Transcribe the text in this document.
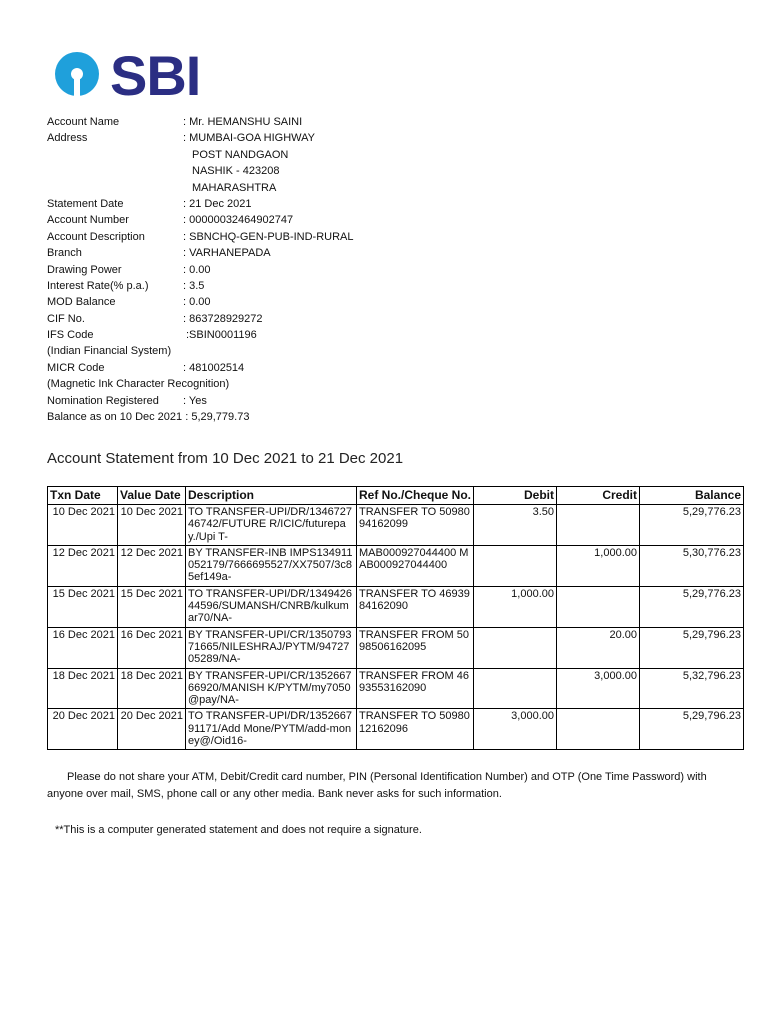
SBI
Account Name	: Mr. HEMANSHU SAINI
Address	: MUMBAI-GOA HIGHWAY
POST NANDGAON
NASHIK - 423208
MAHARASHTRA
Statement Date	: 21 Dec 2021
Account Number	: 00000032464902747
Account Description	: SBNCHQ-GEN-PUB-IND-RURAL
Branch	: VARHANEPADA
Drawing Power	: 0.00
Interest Rate(% p.a.)	: 3.5
MOD Balance	: 0.00
CIF No.	: 863728929272
IFS Code	:SBIN0001196
(Indian Financial System)
MICR Code	: 481002514
(Magnetic Ink Character Recognition)
Nomination Registered : Yes
Balance as on 10 Dec 2021 : 5,29,779.73
Account Statement from 10 Dec 2021 to 21 Dec 2021
Txn Date	Value Date	Description	Ref No./Cheque No.	Debit	Credit	Balance
10 Dec 2021	10 Dec 2021	TO TRANSFER-UPI/DR/134672746742/FUTURE R/ICIC/futurepay./Upi T-	TRANSFER TO 5098094162099	3.50		5,29,776.23
12 Dec 2021	12 Dec 2021	BY TRANSFER-INB IMPS134911052179/7666695527/XX7507/3c85ef149a-	MAB000927044400 MAB000927044400		1,000.00	5,30,776.23
15 Dec 2021	15 Dec 2021	TO TRANSFER-UPI/DR/134942644596/SUMANSH/CNRB/kulkumar70/NA-	TRANSFER TO 4693984162090	1,000.00		5,29,776.23
16 Dec 2021	16 Dec 2021	BY TRANSFER-UPI/CR/135079371665/NILESHRAJ/PYTM/9472705289/NA-	TRANSFER FROM 5098506162095		20.00	5,29,796.23
18 Dec 2021	18 Dec 2021	BY TRANSFER-UPI/CR/135266766920/MANISH K/PYTM/my7050@pay/NA-	TRANSFER FROM 4693553162090		3,000.00	5,32,796.23
20 Dec 2021	20 Dec 2021	TO TRANSFER-UPI/DR/135266791171/Add Mone/PYTM/add-money@/Oid16-	TRANSFER TO 5098012162096	3,000.00		5,29,796.23
Please do not share your ATM, Debit/Credit card number, PIN (Personal Identification Number) and OTP (One Time Password) with anyone over mail, SMS, phone call or any other media. Bank never asks for such information.
**This is a computer generated statement and does not require a signature.
